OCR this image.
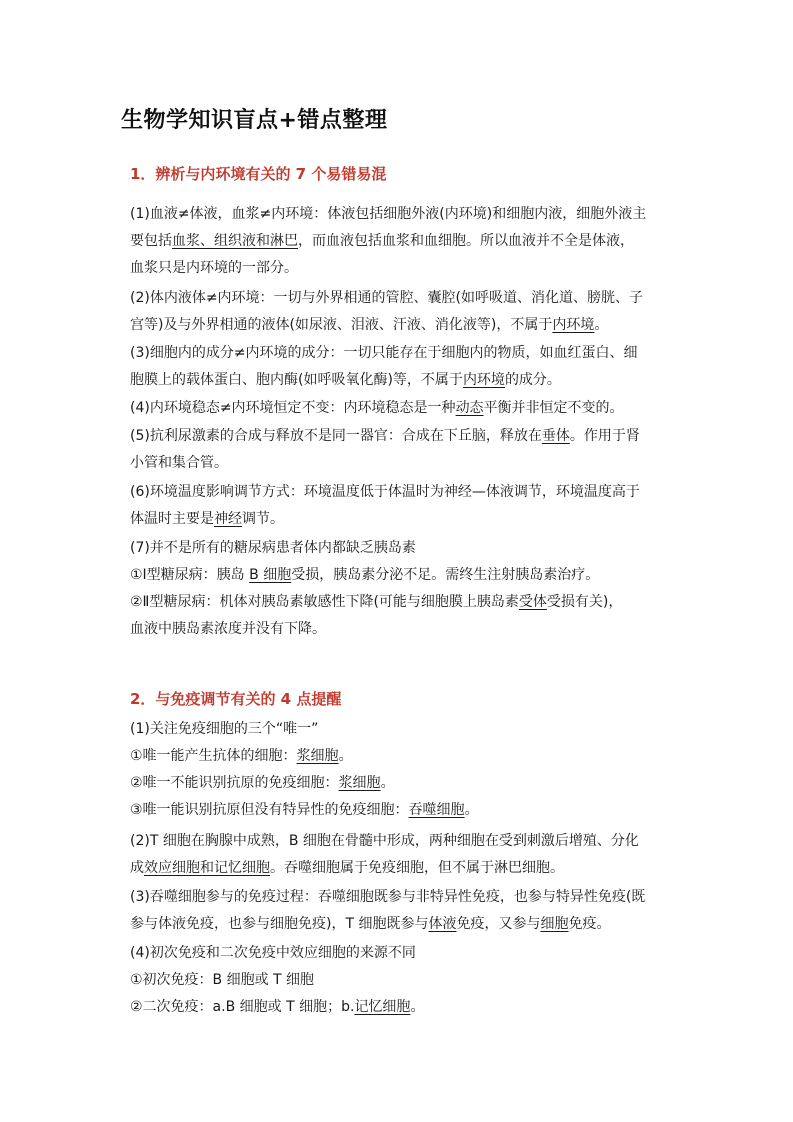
生物学知识盲点+错点整理
1．辨析与内环境有关的 7 个易错易混
(1)血液≠体液，血浆≠内环境：体液包括细胞外液(内环境)和细胞内液，细胞外液主
要包括血浆、组织液和淋巴，而血液包括血浆和血细胞。所以血液并不全是体液，
血浆只是内环境的一部分。
(2)体内液体≠内环境：一切与外界相通的管腔、囊腔(如呼吸道、消化道、膀胱、子
宫等)及与外界相通的液体(如尿液、泪液、汗液、消化液等)，不属于内环境。
(3)细胞内的成分≠内环境的成分：一切只能存在于细胞内的物质，如血红蛋白、细
胞膜上的载体蛋白、胞内酶(如呼吸氧化酶)等，不属于内环境的成分。
(4)内环境稳态≠内环境恒定不变：内环境稳态是一种动态平衡并非恒定不变的。
(5)抗利尿激素的合成与释放不是同一器官：合成在下丘脑，释放在垂体。作用于肾
小管和集合管。
(6)环境温度影响调节方式：环境温度低于体温时为神经—体液调节，环境温度高于
体温时主要是神经调节。
(7)并不是所有的糖尿病患者体内都缺乏胰岛素
①Ⅰ型糖尿病：胰岛 B 细胞受损，胰岛素分泌不足。需终生注射胰岛素治疗。
②Ⅱ型糖尿病：机体对胰岛素敏感性下降(可能与细胞膜上胰岛素受体受损有关)，
血液中胰岛素浓度并没有下降。
2．与免疫调节有关的 4 点提醒
(1)关注免疫细胞的三个“唯一”
①唯一能产生抗体的细胞：浆细胞。
②唯一不能识别抗原的免疫细胞：浆细胞。
③唯一能识别抗原但没有特异性的免疫细胞：吞噬细胞。
(2)T 细胞在胸腺中成熟，B 细胞在骨髓中形成，两种细胞在受到刺激后增殖、分化
成效应细胞和记忆细胞。吞噬细胞属于免疫细胞，但不属于淋巴细胞。
(3)吞噬细胞参与的免疫过程：吞噬细胞既参与非特异性免疫，也参与特异性免疫(既
参与体液免疫，也参与细胞免疫)，T 细胞既参与体液免疫，又参与细胞免疫。
(4)初次免疫和二次免疫中效应细胞的来源不同
①初次免疫：B 细胞或 T 细胞
②二次免疫：a.B 细胞或 T 细胞；b.记忆细胞。
